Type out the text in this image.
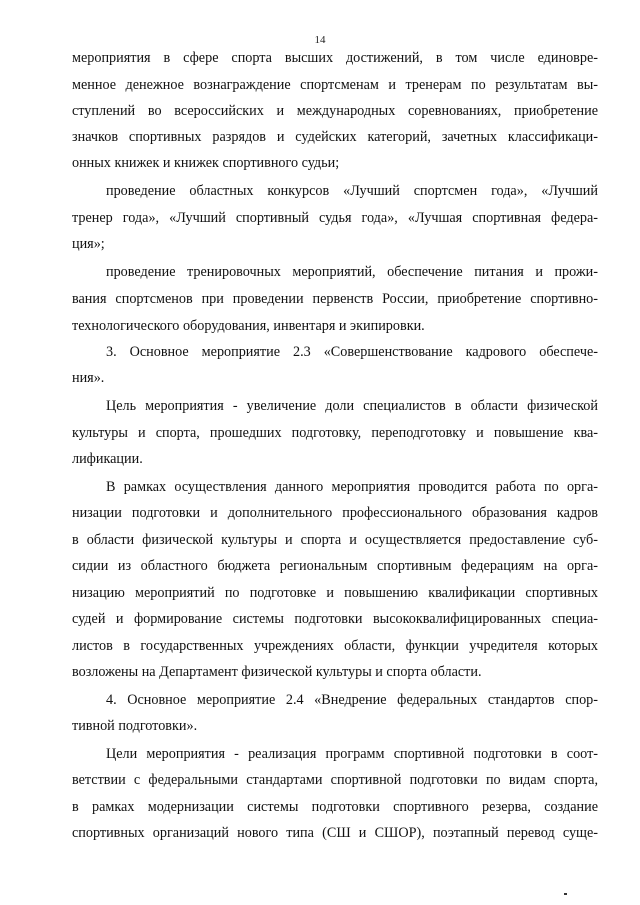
14
мероприятия в сфере спорта высших достижений, в том числе единовре-
менное денежное вознаграждение спортсменам и тренерам по результатам вы-
ступлений во всероссийских и международных соревнованиях, приобретение
значков спортивных разрядов и судейских категорий, зачетных классификаци-
онных книжек и книжек спортивного судьи;
проведение областных конкурсов «Лучший спортсмен года», «Лучший
тренер года», «Лучший спортивный судья года», «Лучшая спортивная федера-
ция»;
проведение тренировочных мероприятий, обеспечение питания и прожи-
вания спортсменов при проведении первенств России, приобретение спортивно-
технологического оборудования, инвентаря и экипировки.
3. Основное мероприятие 2.3 «Совершенствование кадрового обеспече-
ния».
Цель мероприятия - увеличение доли специалистов в области физической
культуры и спорта, прошедших подготовку, переподготовку и повышение ква-
лификации.
В рамках осуществления данного мероприятия проводится работа по орга-
низации подготовки и дополнительного профессионального образования кадров
в области физической культуры и спорта и осуществляется предоставление суб-
сидии из областного бюджета региональным спортивным федерациям на орга-
низацию мероприятий по подготовке и повышению квалификации спортивных
судей и формирование системы подготовки высококвалифицированных специа-
листов в государственных учреждениях области, функции учредителя которых
возложены на Департамент физической культуры и спорта области.
4. Основное мероприятие 2.4 «Внедрение федеральных стандартов спор-
тивной подготовки».
Цели мероприятия - реализация программ спортивной подготовки в соот-
ветствии с федеральными стандартами спортивной подготовки по видам спорта,
в рамках модернизации системы подготовки спортивного резерва, создание
спортивных организаций нового типа (СШ и СШОР), поэтапный перевод суще-
